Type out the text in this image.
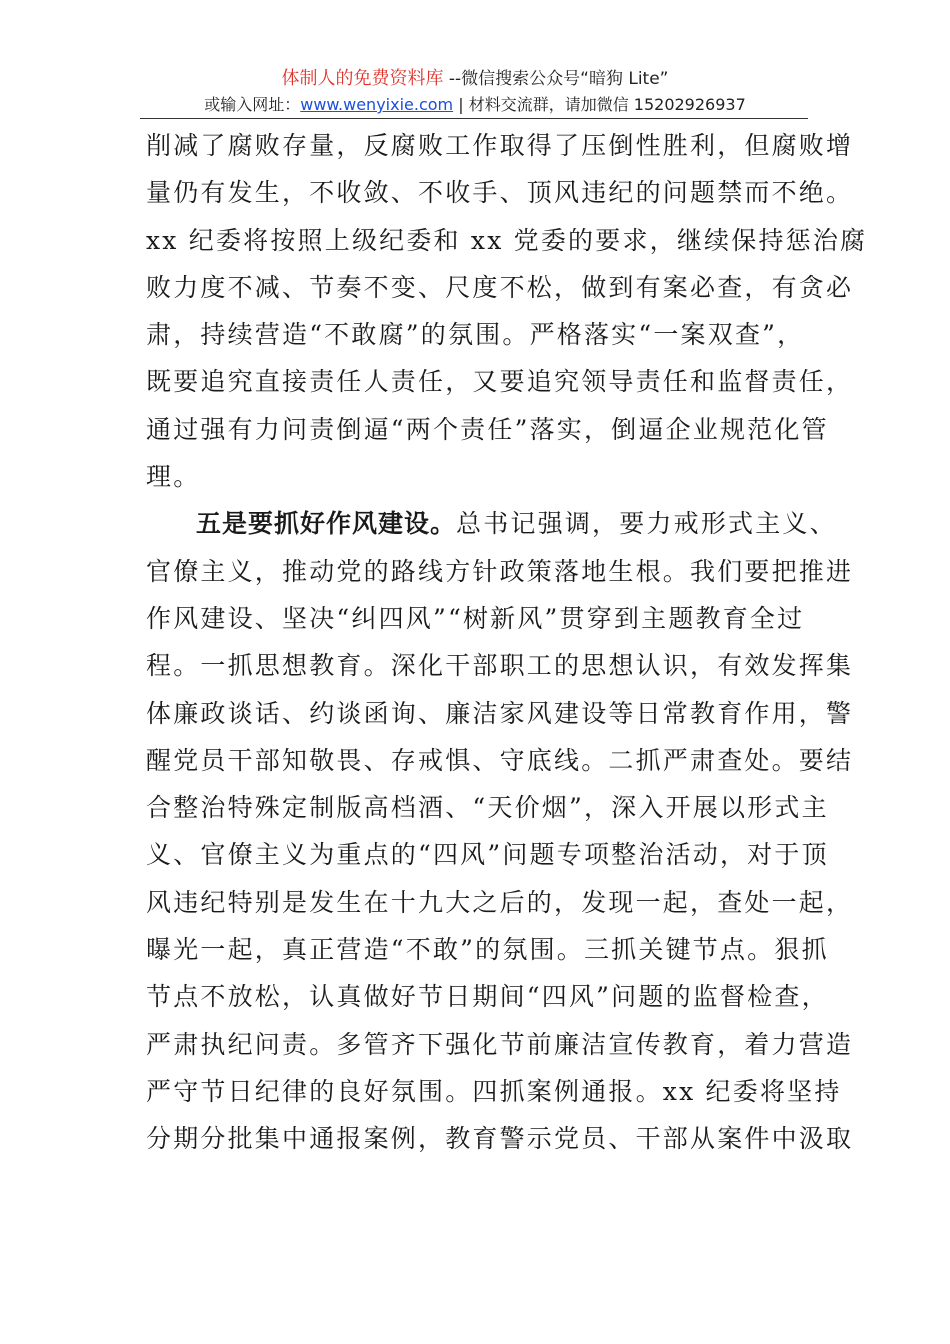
体制人的免费资料库 --微信搜索公众号“暗狗 Lite”
或输入网址：www.wenyixie.com | 材料交流群，请加微信 15202926937
削减了腐败存量，反腐败工作取得了压倒性胜利，但腐败增
量仍有发生，不收敛、不收手、顶风违纪的问题禁而不绝。
xx 纪委将按照上级纪委和 xx 党委的要求，继续保持惩治腐
败力度不减、节奏不变、尺度不松，做到有案必查，有贪必
肃，持续营造“不敢腐”的氛围。严格落实“一案双查”，
既要追究直接责任人责任，又要追究领导责任和监督责任，
通过强有力问责倒逼“两个责任”落实，倒逼企业规范化管
理。
五是要抓好作风建设。总书记强调，要力戒形式主义、
官僚主义，推动党的路线方针政策落地生根。我们要把推进
作风建设、坚决“纠四风”“树新风”贯穿到主题教育全过
程。一抓思想教育。深化干部职工的思想认识，有效发挥集
体廉政谈话、约谈函询、廉洁家风建设等日常教育作用，警
醒党员干部知敬畏、存戒惧、守底线。二抓严肃查处。要结
合整治特殊定制版高档酒、“天价烟”，深入开展以形式主
义、官僚主义为重点的“四风”问题专项整治活动，对于顶
风违纪特别是发生在十九大之后的，发现一起，查处一起，
曝光一起，真正营造“不敢”的氛围。三抓关键节点。狠抓
节点不放松，认真做好节日期间“四风”问题的监督检查，
严肃执纪问责。多管齐下强化节前廉洁宣传教育，着力营造
严守节日纪律的良好氛围。四抓案例通报。xx 纪委将坚持
分期分批集中通报案例，教育警示党员、干部从案件中汲取
